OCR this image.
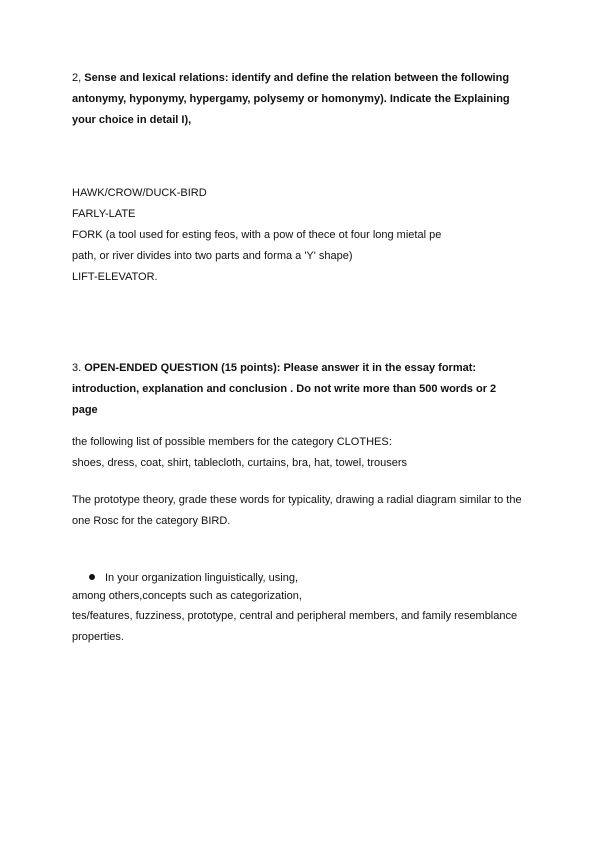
2, Sense and lexical relations: identify and define the relation between the following
antonymy, hyponymy, hypergamy, polysemy or homonymy). Indicate the Explaining
your choice in detail I),
HAWK/CROW/DUCK-BIRD
FARLY-LATE
FORK (a tool used for esting feos, with a pow of thece ot four long mietal pe
path, or river divides into two parts and forma a 'Y' shape)
LIFT-ELEVATOR.
3. OPEN-ENDED QUESTION (15 points): Please answer it in the essay format:
introduction, explanation and conclusion . Do not write more than 500 words or 2
page
the following list of possible members for the category CLOTHES:
shoes, dress, coat, shirt, tablecloth, curtains, bra, hat, towel, trousers
The prototype theory, grade these words for typicality, drawing a radial diagram similar to the
one Rosc for the category BIRD.
In your organization linguistically, using,
among others,concepts such as categorization,
tes/features, fuzziness, prototype, central and peripheral members, and family resemblance
properties.
